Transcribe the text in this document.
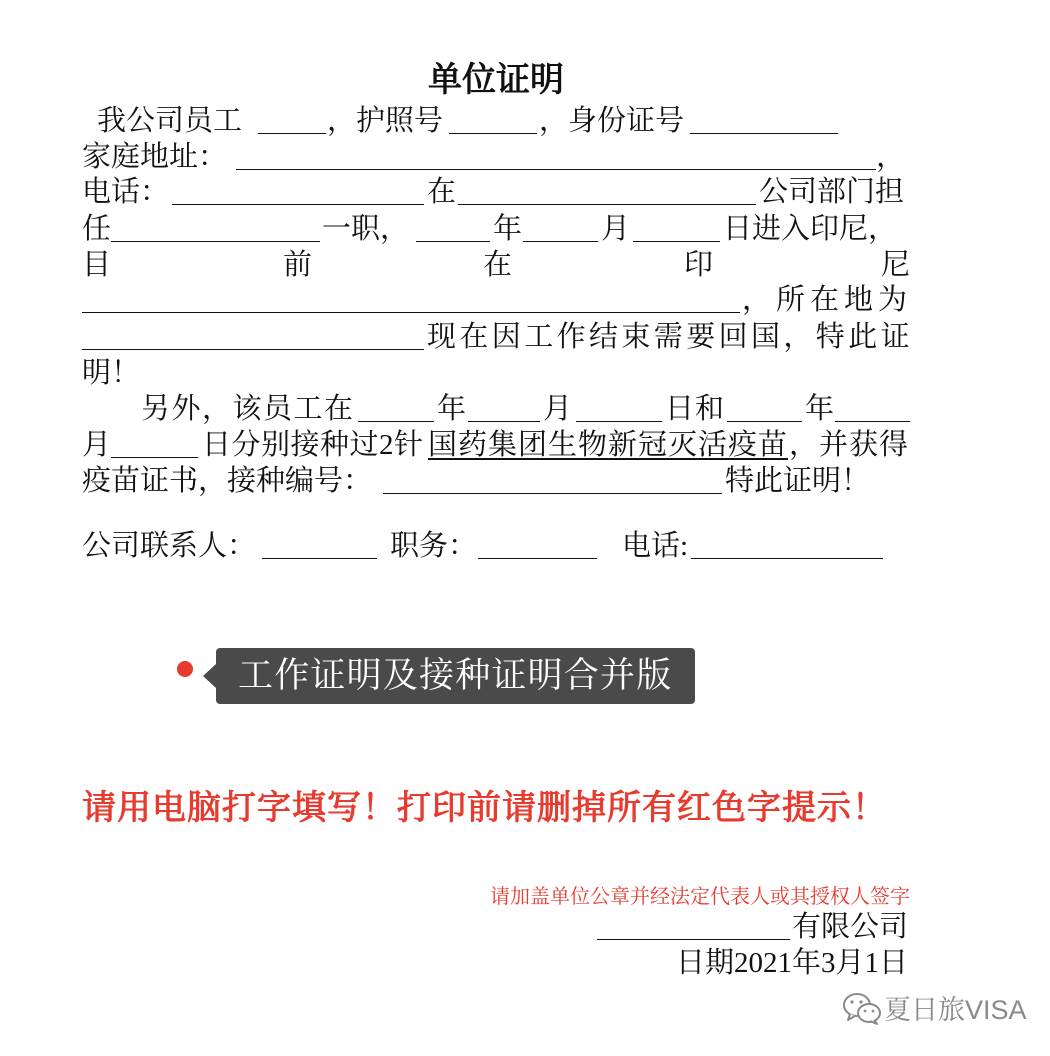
单位证明
我公司员工	，护照号	，身份证号
家庭地址：	，
电话：	在	公司部门担
任	一职，	年	月	日进入印尼，
目	前	在	印	尼
，所在地为
现在因工作结束需要回国，特此证
明！
另外，该员工在	年	月	日和	年
月	日分别接种过2针 国药集团生物新冠灭活疫苗 ，并获得
疫苗证书，接种编号：	特此证明！
公司联系人：	职务：	电话:
工作证明及接种证明合并版
请用电脑打字填写！打印前请删掉所有红色字提示！
请加盖单位公章并经法定代表人或其授权人签字
有限公司
日期2021年3月1日
夏日旅VISA
